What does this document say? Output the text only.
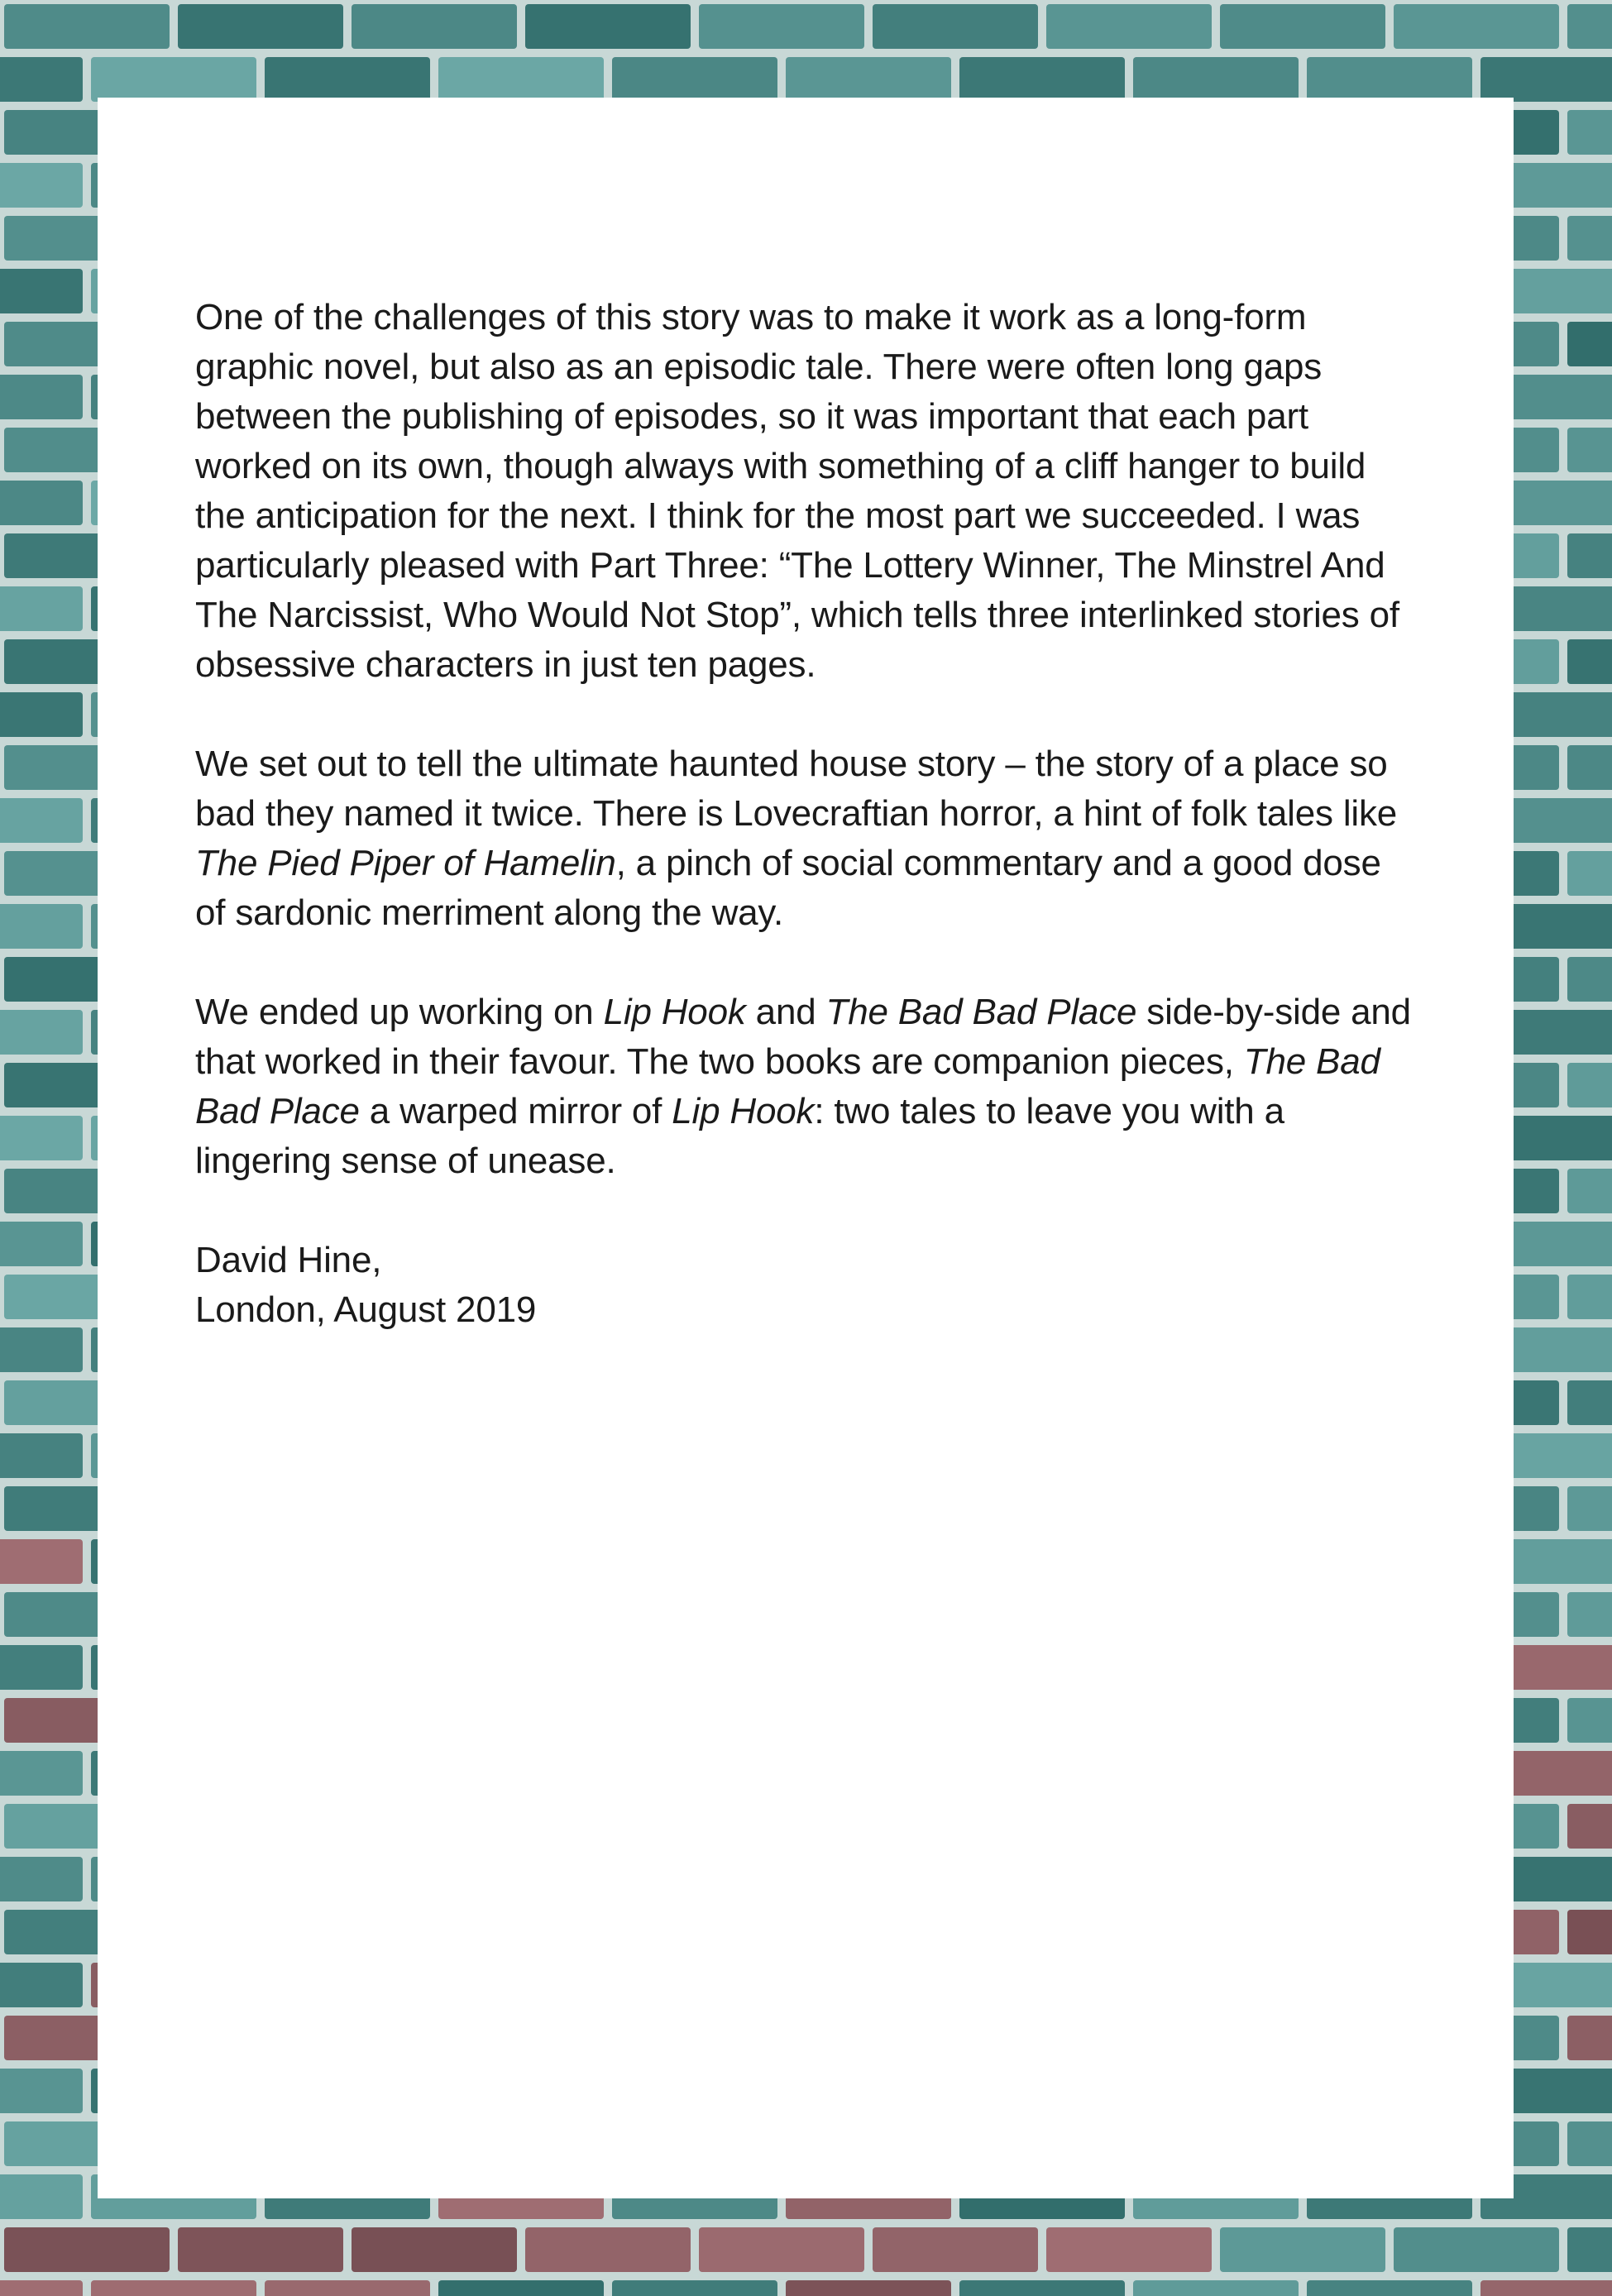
One of the challenges of this story was to make it work as a long-form graphic novel, but also as an episodic tale. There were often long gaps between the publishing of episodes, so it was important that each part worked on its own, though always with something of a cliff hanger to build the anticipation for the next. I think for the most part we succeeded. I was particularly pleased with Part Three: “The Lottery Winner, The Minstrel And The Narcissist, Who Would Not Stop”, which tells three interlinked stories of obsessive characters in just ten pages.

We set out to tell the ultimate haunted house story – the story of a place so bad they named it twice. There is Lovecraftian horror, a hint of folk tales like The Pied Piper of Hamelin, a pinch of social commentary and a good dose of sardonic merriment along the way.

We ended up working on Lip Hook and The Bad Bad Place side-by-side and that worked in their favour. The two books are companion pieces, The Bad Bad Place a warped mirror of Lip Hook: two tales to leave you with a lingering sense of unease.

David Hine,
London, August 2019
